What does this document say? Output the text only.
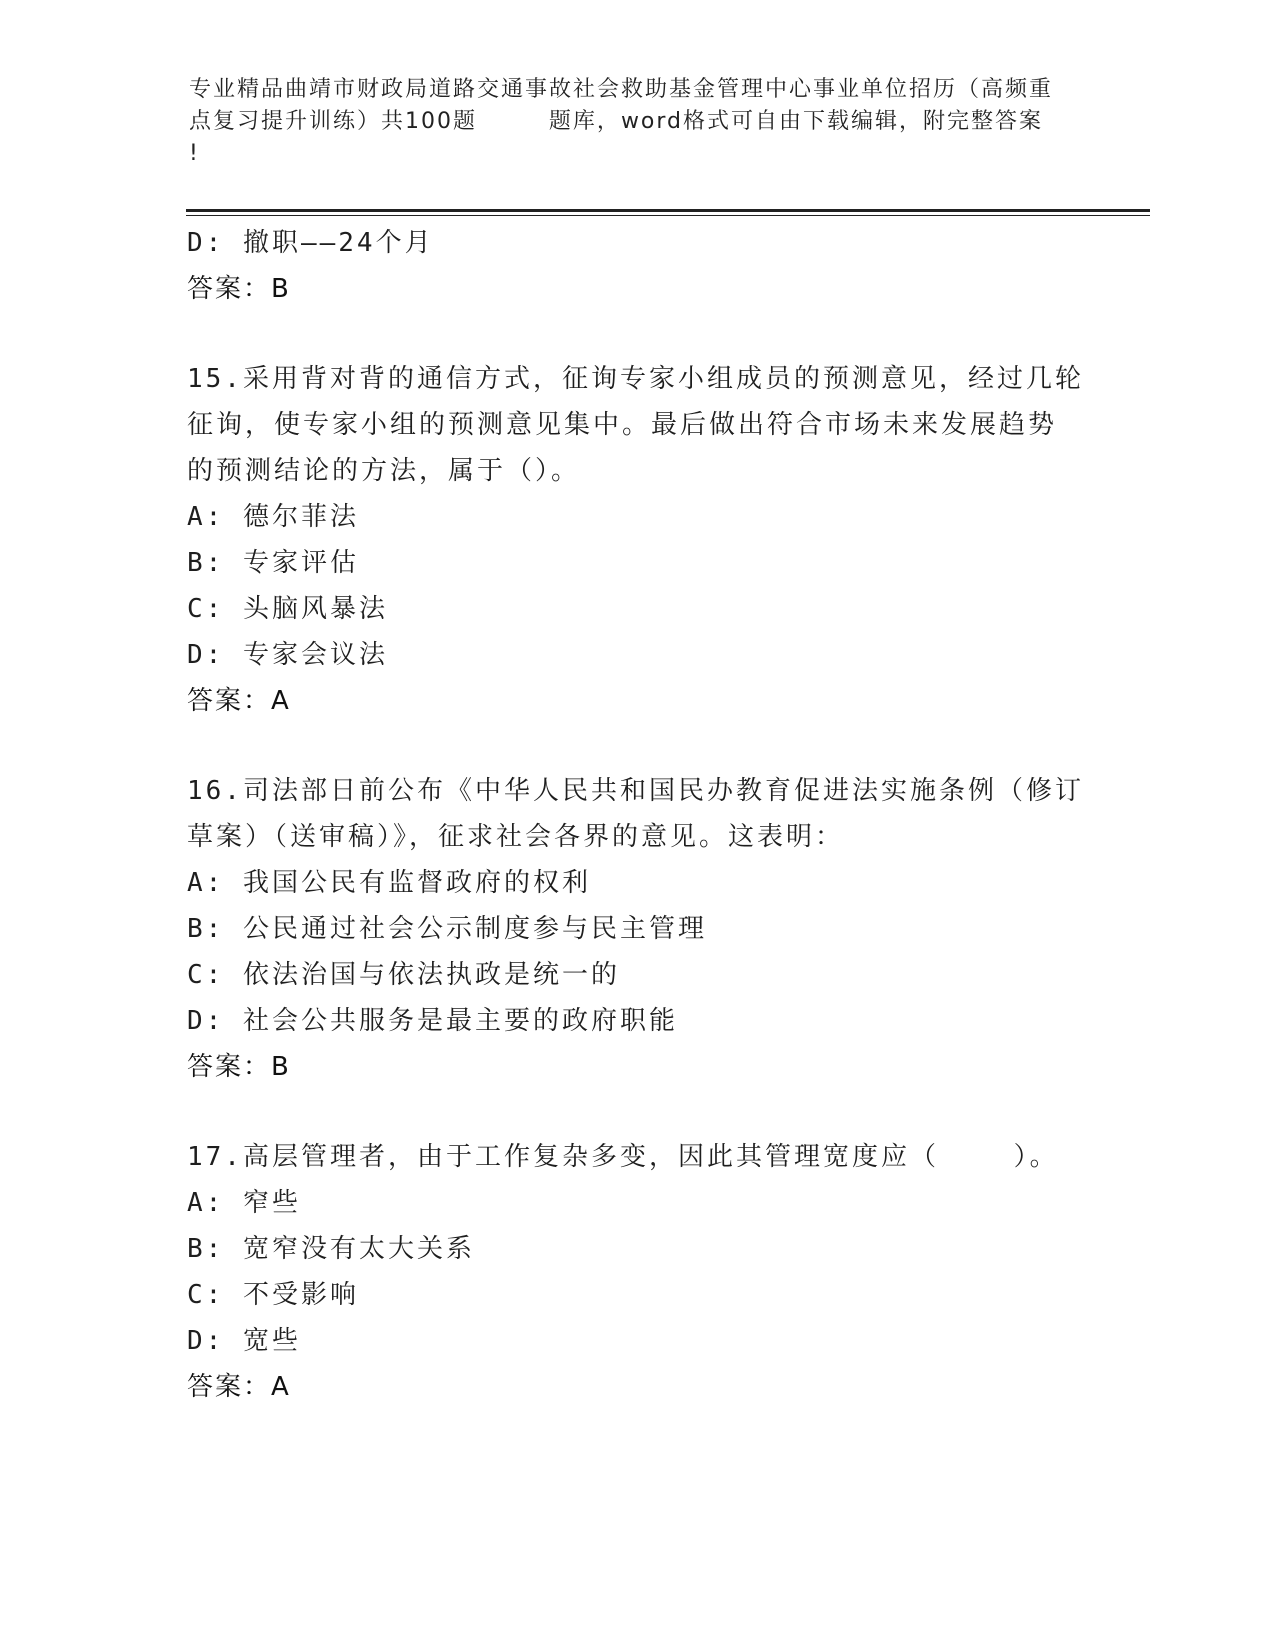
专业精品曲靖市财政局道路交通事故社会救助基金管理中心事业单位招历（高频重
点复习提升训练）共100题        题库，word格式可自由下载编辑，附完整答案
!
D: 撤职——24个月
答案：B
15.采用背对背的通信方式，征询专家小组成员的预测意见，经过几轮
征询，使专家小组的预测意见集中。最后做出符合市场未来发展趋势
的预测结论的方法，属于（）。
A: 德尔菲法
B: 专家评估
C: 头脑风暴法
D: 专家会议法
答案：A
16.司法部日前公布《中华人民共和国民办教育促进法实施条例（修订
草案）（送审稿）》，征求社会各界的意见。这表明：
A: 我国公民有监督政府的权利
B: 公民通过社会公示制度参与民主管理
C: 依法治国与依法执政是统一的
D: 社会公共服务是最主要的政府职能
答案：B
17.高层管理者，由于工作复杂多变，因此其管理宽度应（    ）。
A: 窄些
B: 宽窄没有太大关系
C: 不受影响
D: 宽些
答案：A
